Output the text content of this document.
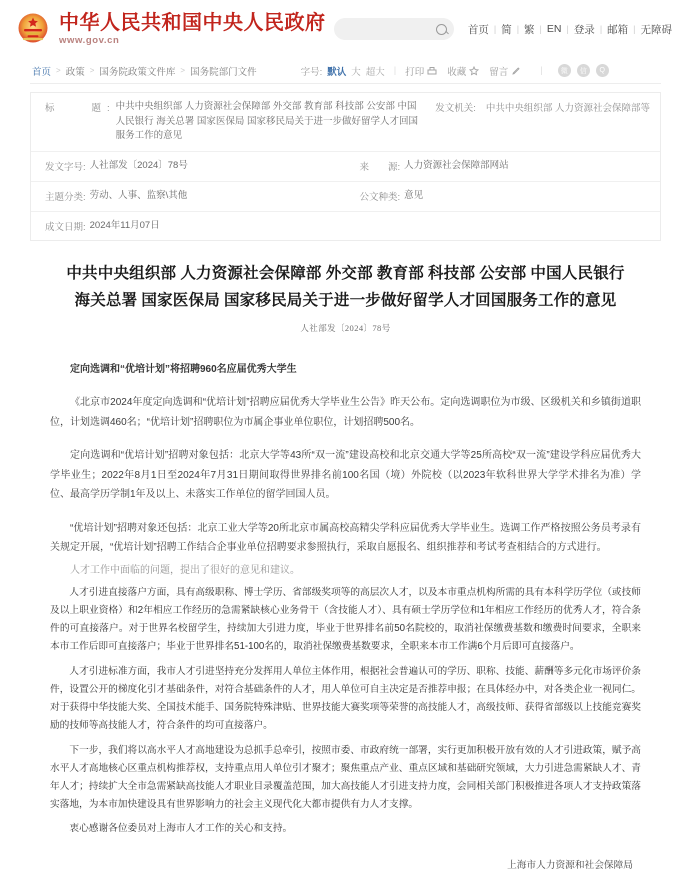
中华人民共和国中央人民政府
www.gov.cn
首页 | 简 | 繁 | EN | 登录 | 邮箱 | 无障碍
首页 > 政策 > 国务院政策文件库 > 国务院部门文件	字号: 默认 大 超大 | 打印 收藏 留言	|	微	信	Q
标　　题: 中共中央组织部 人力资源社会保障部 外交部 教育部 科技部 公安部 中国人民银行 海关总署 国家医保局 国家移民局关于进一步做好留学人才回国服务工作的意见
发文机关: 中共中央组织部 人力资源社会保障部等
发文字号: 人社部发〔2024〕78号	来　　源: 人力资源社会保障部网站
主题分类: 劳动、人事、监察\其他	公文种类: 意见
成文日期: 2024年11月07日
中共中央组织部 人力资源社会保障部 外交部 教育部 科技部 公安部 中国人民银行
海关总署 国家医保局 国家移民局关于进一步做好留学人才回国服务工作的意见
人社部发〔2024〕78号

定向选调和“优培计划”将招聘960名应届优秀大学生

《北京市2024年度定向选调和“优培计划”招聘应届优秀大学毕业生公告》昨天公布。定向选调职位为市级、区级机关和乡镇街道职位，计划选调460名；“优培计划”招聘职位为市属企事业单位职位，计划招聘500名。

定向选调和“优培计划”招聘对象包括：北京大学等43所“双一流”建设高校和北京交通大学等25所高校“双一流”建设学科应届优秀大学毕业生；2022年8月1日至2024年7月31日期间取得世界排名前100名国（境）外院校（以2023年软科世界大学学术排名为准）学位、最高学历学制1年及以上、未落实工作单位的留学回国人员。

“优培计划”招聘对象还包括：北京工业大学等20所北京市属高校高精尖学科应届优秀大学毕业生。选调工作严格按照公务员考录有关规定开展，“优培计划”招聘工作结合企事业单位招聘要求参照执行，采取自愿报名、组织推荐和考试考查相结合的方式进行。

人才工作中面临的问题，提出了很好的意见和建议。

人才引进直接落户方面，具有高级职称、博士学历、省部级奖项等的高层次人才，以及本市重点机构所需的具有本科学历学位（或技师及以上职业资格）和2年相应工作经历的急需紧缺核心业务骨干（含技能人才）、具有硕士学历学位和1年相应工作经历的优秀人才，符合条件的可直接落户。对于世界名校留学生，持续加大引进力度，毕业于世界排名前50名院校的，取消社保缴费基数和缴费时间要求，全职来本市工作后即可直接落户；毕业于世界排名51-100名的，取消社保缴费基数要求，全职来本市工作满6个月后即可直接落户。

人才引进标准方面，我市人才引进坚持充分发挥用人单位主体作用，根据社会普遍认可的学历、职称、技能、薪酬等多元化市场评价条件，设置公开的梯度化引才基础条件，对符合基础条件的人才，用人单位可自主决定是否推荐申报；在具体经办中，对各类企业一视同仁。对于获得中华技能大奖、全国技术能手、国务院特殊津贴、世界技能大赛奖项等荣誉的高技能人才，高级技师、获得省部级以上技能竞赛奖励的技师等高技能人才，符合条件的均可直接落户。

下一步，我们将以高水平人才高地建设为总抓手总牵引，按照市委、市政府统一部署，实行更加积极开放有效的人才引进政策，赋予高水平人才高地核心区重点机构推荐权，支持重点用人单位引才聚才；聚焦重点产业、重点区域和基础研究领域，大力引进急需紧缺人才、青年人才；持续扩大全市急需紧缺高技能人才职业目录覆盖范围，加大高技能人才引进支持力度，会同相关部门积极推进各项人才支持政策落实落地，为本市加快建设具有世界影响力的社会主义现代化大都市提供有力人才支撑。

衷心感谢各位委员对上海市人才工作的关心和支持。

上海市人力资源和社会保障局
